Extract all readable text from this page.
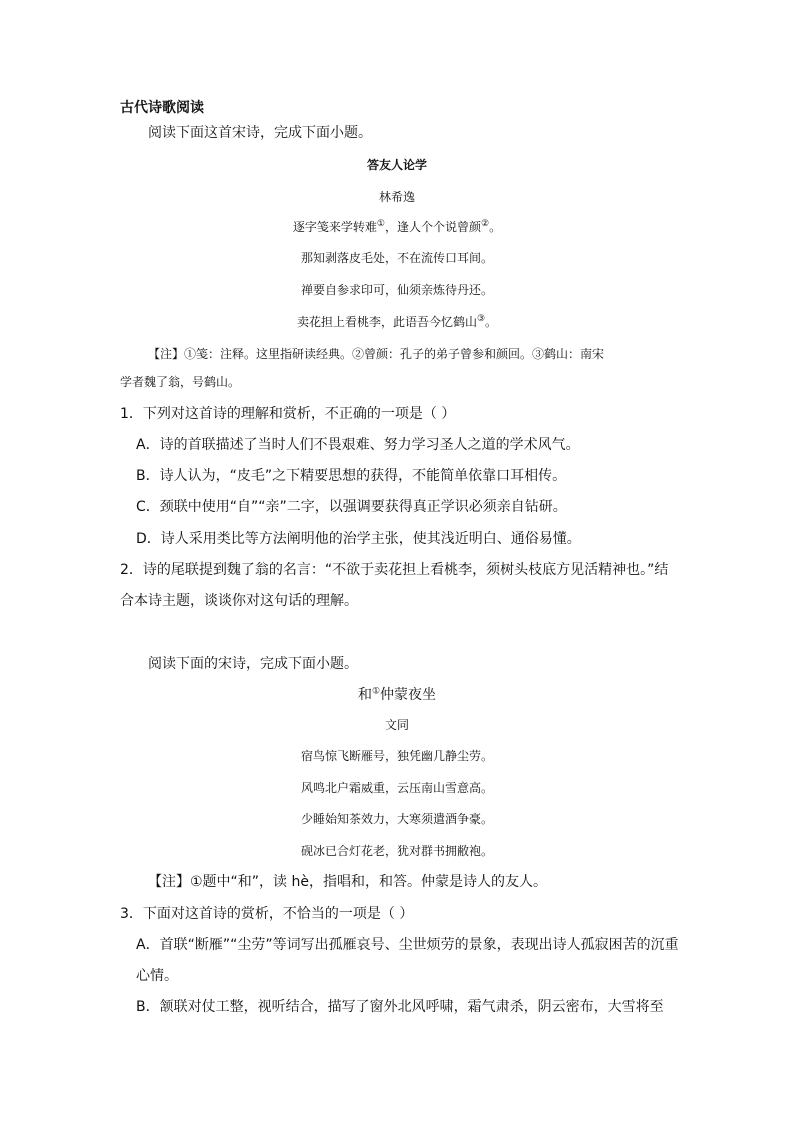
古代诗歌阅读
阅读下面这首宋诗，完成下面小题。
答友人论学
林希逸
逐字笺来学转难①，逢人个个说曾颜②。
那知剥落皮毛处，不在流传口耳间。
禅要自参求印可，仙须亲炼待丹还。
卖花担上看桃李，此语吾今忆鹤山③。
【注】①笺：注释。这里指研读经典。②曾颜：孔子的弟子曾参和颜回。③鹤山：南宋
学者魏了翁，号鹤山。
1．下列对这首诗的理解和赏析，不正确的一项是（ ）
A．诗的首联描述了当时人们不畏艰难、努力学习圣人之道的学术风气。
B．诗人认为，“皮毛”之下精要思想的获得，不能简单依靠口耳相传。
C．颈联中使用“自”“亲”二字，以强调要获得真正学识必须亲自钻研。
D．诗人采用类比等方法阐明他的治学主张，使其浅近明白、通俗易懂。
2．诗的尾联提到魏了翁的名言：“不欲于卖花担上看桃李，须树头枝底方见活精神也。”结
合本诗主题，谈谈你对这句话的理解。
阅读下面的宋诗，完成下面小题。
和①仲蒙夜坐
文同
宿鸟惊飞断雁号，独凭幽几静尘劳。
风鸣北户霜威重，云压南山雪意高。
少睡始知茶效力，大寒须遣酒争豪。
砚冰已合灯花老，犹对群书拥敝袍。
【注】①题中“和”，读 hè，指唱和，和答。仲蒙是诗人的友人。
3．下面对这首诗的赏析，不恰当的一项是（ ）
A．首联“断雁”“尘劳”等词写出孤雁哀号、尘世烦劳的景象，表现出诗人孤寂困苦的沉重
心情。
B．颔联对仗工整，视听结合，描写了窗外北风呼啸，霜气肃杀，阴云密布，大雪将至
